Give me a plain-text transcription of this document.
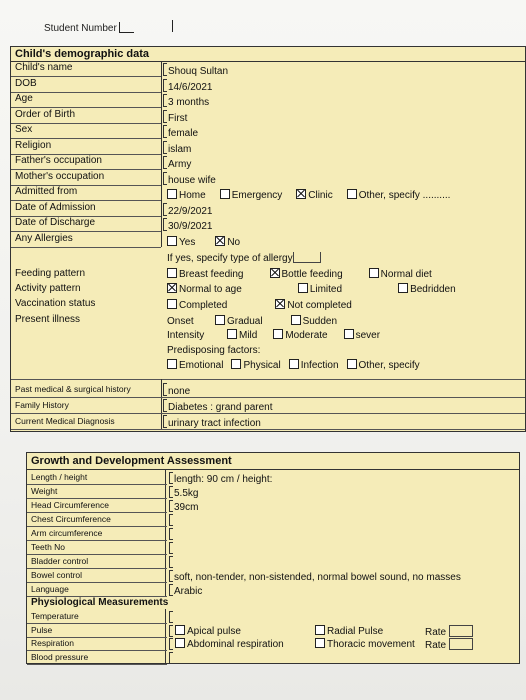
Student Number
Child's demographic data
Child's name	Shouq Sultan
DOB	14/6/2021
Age	3 months
Order of Birth	First
Sex	female
Religion	islam
Father's occupation	Army
Mother's occupation	house wife
Admitted from
Date of Admission	22/9/2021
Date of Discharge	30/9/2021
Any Allergies
Home	Emergency	Clinic	Other, specify ..........
Yes	No
If yes, specify type of allergy
Feeding pattern	Breast feeding	Bottle feeding	Normal diet
Activity pattern	Normal to age	Limited	Bedridden
Vaccination status	Completed	Not completed
Present illness	Onset	Gradual	Sudden
Intensity	Mild	Moderate	sever
Predisposing factors:
Emotional Physical Infection Other, specify
Past medical & surgical history	none
Family History	Diabetes : grand parent
Current Medical Diagnosis	urinary tract infection
Growth and Development Assessment
Length / height	length: 90 cm / height:
Weight	5.5kg
Head Circumference	39cm
Chest Circumference
Arm circumference
Teeth No
Bladder control
Bowel control	soft, non-tender, non-sistended, normal bowel sound, no masses
Language	Arabic
Physiological Measurements
Temperature
Pulse	Apical pulse	Radial Pulse	Rate
Respiration	Abdominal respiration	Thoracic movement Rate
Blood pressure
